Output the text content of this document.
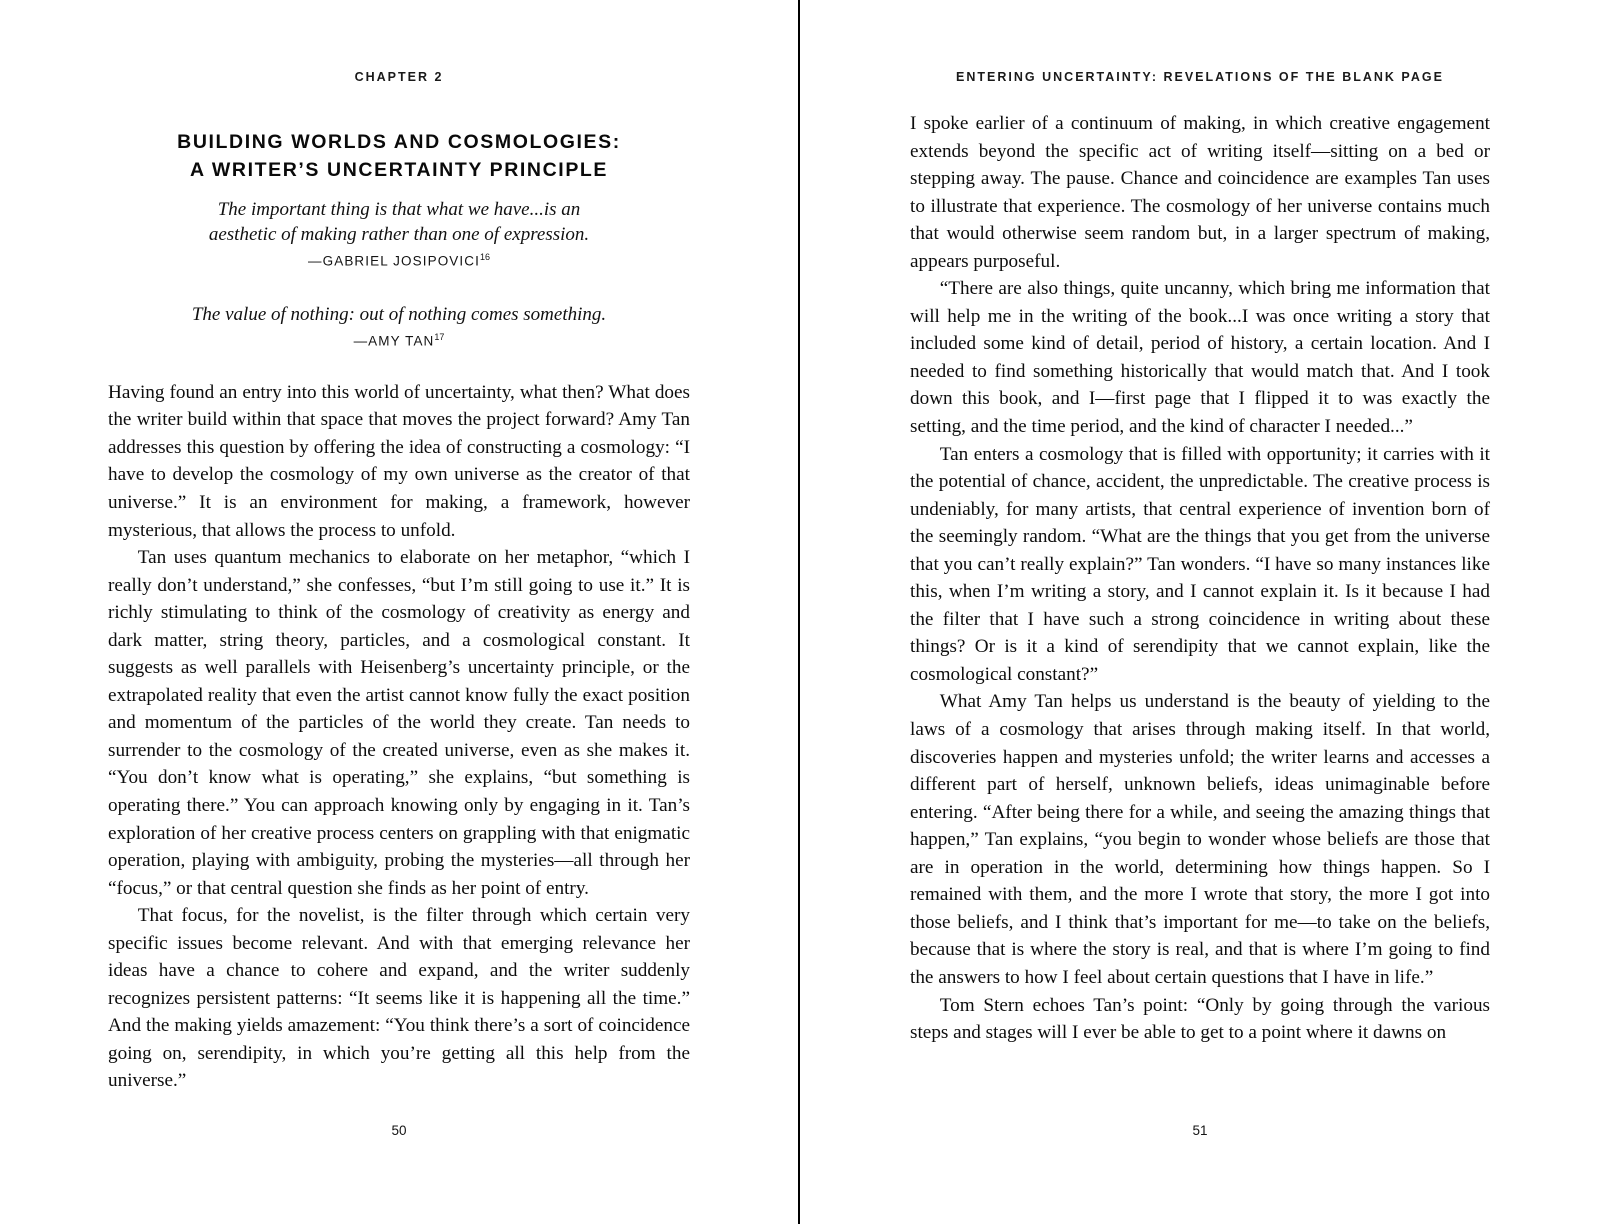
CHAPTER 2
BUILDING WORLDS AND COSMOLOGIES:
A WRITER’S UNCERTAINTY PRINCIPLE
The important thing is that what we have...is an
aesthetic of making rather than one of expression.
—GABRIEL JOSIPOVICI$^{16}$
The value of nothing: out of nothing comes something.
—AMY TAN$^{17}$

Having found an entry into this world of uncertainty, what then? What does the writer build within that space that moves the project forward? Amy Tan addresses this question by offering the idea of constructing a cosmology: “I have to develop the cosmology of my own universe as the creator of that universe.” It is an environment for making, a framework, however mysterious, that allows the process to unfold.

Tan uses quantum mechanics to elaborate on her metaphor, “which I really don’t understand,” she confesses, “but I’m still going to use it.” It is richly stimulating to think of the cosmology of creativity as energy and dark matter, string theory, particles, and a cosmological constant. It suggests as well parallels with Heisenberg’s uncertainty principle, or the extrapolated reality that even the artist cannot know fully the exact position and momentum of the particles of the world they create. Tan needs to surrender to the cosmology of the created universe, even as she makes it. “You don’t know what is operating,” she explains, “but something is operating there.” You can approach knowing only by engaging in it. Tan’s exploration of her creative process centers on grappling with that enigmatic operation, playing with ambiguity, probing the mysteries—all through her “focus,” or that central question she finds as her point of entry.

That focus, for the novelist, is the filter through which certain very specific issues become relevant. And with that emerging relevance her ideas have a chance to cohere and expand, and the writer suddenly recognizes persistent patterns: “It seems like it is happening all the time.” And the making yields amazement: “You think there’s a sort of coincidence going on, serendipity, in which you’re getting all this help from the universe.”

50
ENTERING UNCERTAINTY: REVELATIONS OF THE BLANK PAGE

I spoke earlier of a continuum of making, in which creative engagement extends beyond the specific act of writing itself—sitting on a bed or stepping away. The pause. Chance and coincidence are examples Tan uses to illustrate that experience. The cosmology of her universe contains much that would otherwise seem random but, in a larger spectrum of making, appears purposeful.

“There are also things, quite uncanny, which bring me information that will help me in the writing of the book...I was once writing a story that included some kind of detail, period of history, a certain location. And I needed to find something historically that would match that. And I took down this book, and I—first page that I flipped it to was exactly the setting, and the time period, and the kind of character I needed...”

Tan enters a cosmology that is filled with opportunity; it carries with it the potential of chance, accident, the unpredictable. The creative process is undeniably, for many artists, that central experience of invention born of the seemingly random. “What are the things that you get from the universe that you can’t really explain?” Tan wonders. “I have so many instances like this, when I’m writing a story, and I cannot explain it. Is it because I had the filter that I have such a strong coincidence in writing about these things? Or is it a kind of serendipity that we cannot explain, like the cosmological constant?”

What Amy Tan helps us understand is the beauty of yielding to the laws of a cosmology that arises through making itself. In that world, discoveries happen and mysteries unfold; the writer learns and accesses a different part of herself, unknown beliefs, ideas unimaginable before entering. “After being there for a while, and seeing the amazing things that happen,” Tan explains, “you begin to wonder whose beliefs are those that are in operation in the world, determining how things happen. So I remained with them, and the more I wrote that story, the more I got into those beliefs, and I think that’s important for me—to take on the beliefs, because that is where the story is real, and that is where I’m going to find the answers to how I feel about certain questions that I have in life.”

Tom Stern echoes Tan’s point: “Only by going through the various steps and stages will I ever be able to get to a point where it dawns on

51
